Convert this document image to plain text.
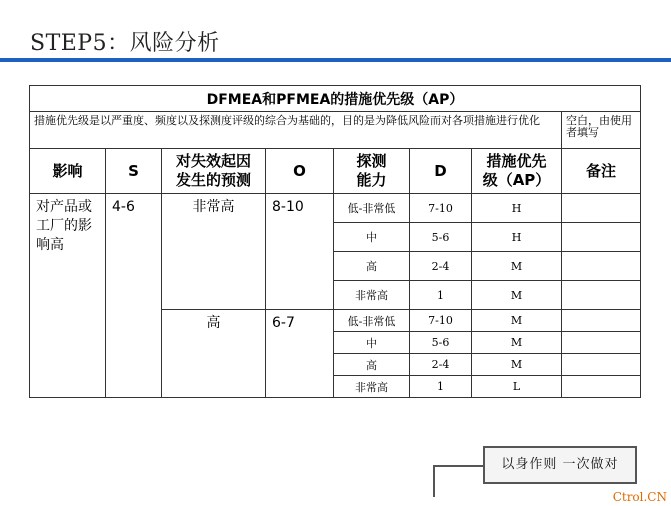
STEP5：风险分析
DFMEA和PFMEA的措施优先级（AP）							
措施优先级是以严重度、频度以及探测度评级的综合为基础的，目的是为降低风险而对各项措施进行优化							空白，由使用者填写
影响	S	对失效起因发生的预测	O	探测能力	D	措施优先级（AP）	备注
对产品或工厂的影响高	4-6	非常高	8-10	低-非常低	7-10	H	
				中	5-6	H	
				高	2-4	M	
				非常高	1	M	
		高	6-7	低-非常低	7-10	M	
				中	5-6	M	
				高	2-4	M	
				非常高	1	L	
以身作则 一次做对
Ctrol.CN
